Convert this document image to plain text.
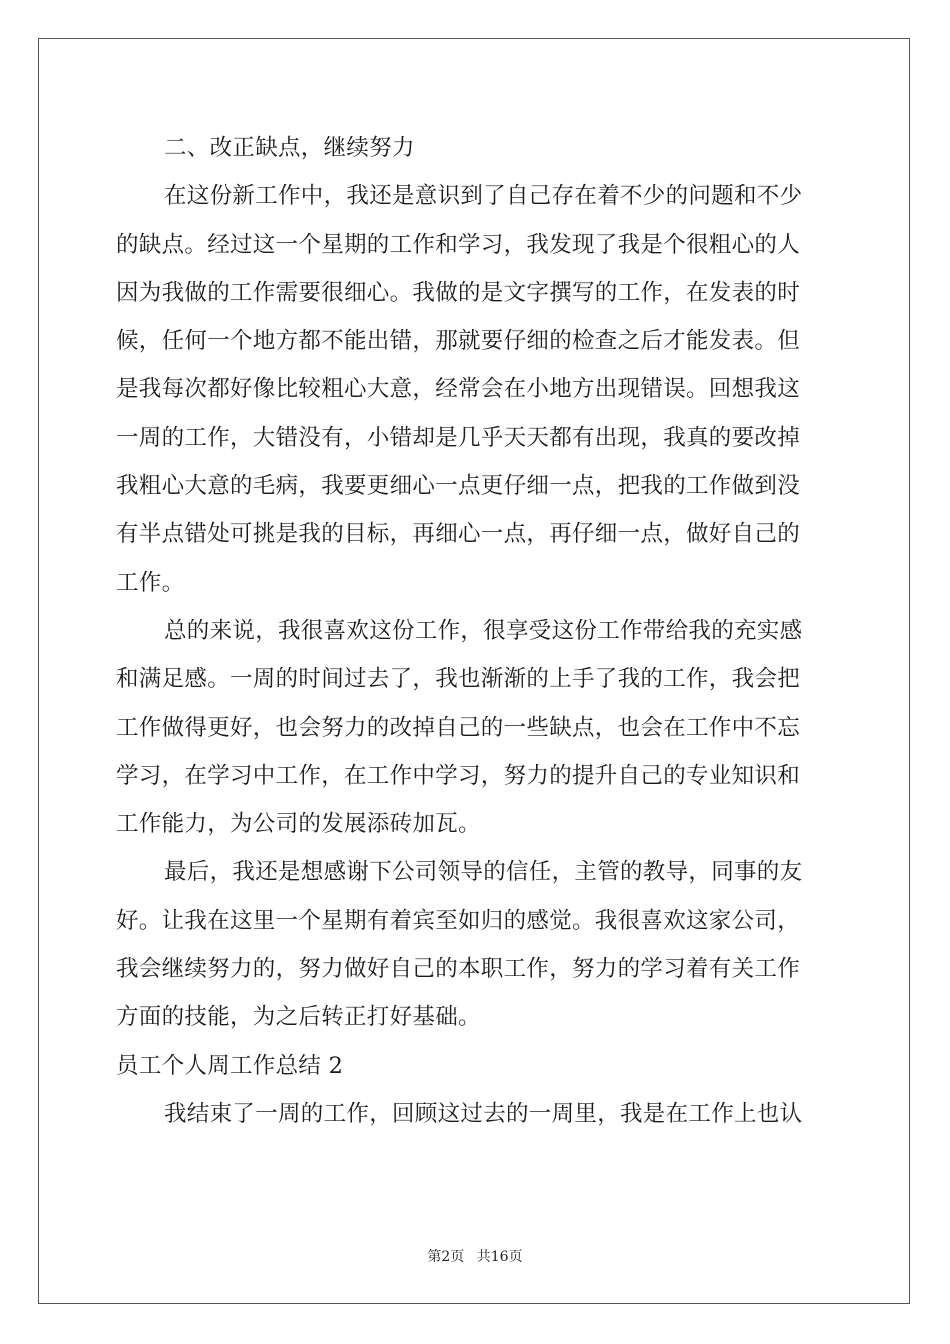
二、改正缺点，继续努力
在这份新工作中，我还是意识到了自己存在着不少的问题和不少
的缺点。经过这一个星期的工作和学习，我发现了我是个很粗心的人
因为我做的工作需要很细心。我做的是文字撰写的工作，在发表的时
候，任何一个地方都不能出错，那就要仔细的检查之后才能发表。但
是我每次都好像比较粗心大意，经常会在小地方出现错误。回想我这
一周的工作，大错没有，小错却是几乎天天都有出现，我真的要改掉
我粗心大意的毛病，我要更细心一点更仔细一点，把我的工作做到没
有半点错处可挑是我的目标，再细心一点，再仔细一点，做好自己的
工作。
总的来说，我很喜欢这份工作，很享受这份工作带给我的充实感
和满足感。一周的时间过去了，我也渐渐的上手了我的工作，我会把
工作做得更好，也会努力的改掉自己的一些缺点，也会在工作中不忘
学习，在学习中工作，在工作中学习，努力的提升自己的专业知识和
工作能力，为公司的发展添砖加瓦。
最后，我还是想感谢下公司领导的信任，主管的教导，同事的友
好。让我在这里一个星期有着宾至如归的感觉。我很喜欢这家公司，
我会继续努力的，努力做好自己的本职工作，努力的学习着有关工作
方面的技能，为之后转正打好基础。
员工个人周工作总结 2
我结束了一周的工作，回顾这过去的一周里，我是在工作上也认
第2页 共16页
